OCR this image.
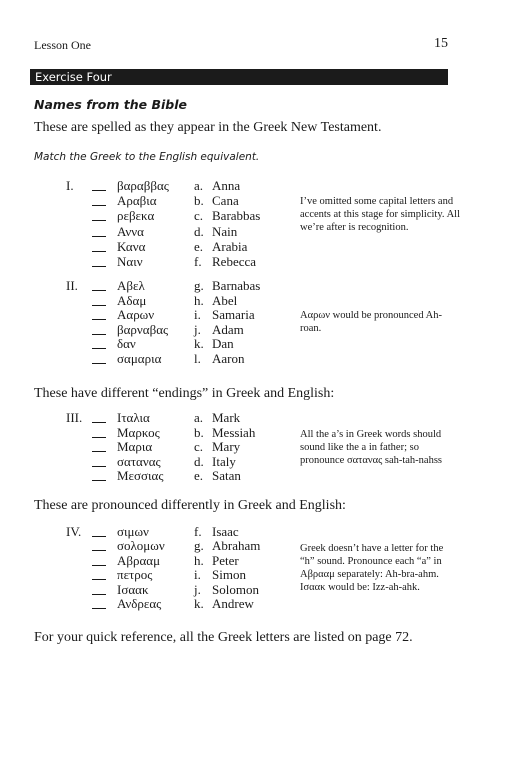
Lesson One	15
Exercise Four
Names from the Bible
These are spelled as they appear in the Greek New Testament.
Match the Greek to the English equivalent.
I.	βαραββας a. Anna
Αραβια	b. Cana
ρεβεκα	c. Barabbas
Αννα	d. Nain
Κανα	e. Arabia
Ναιν	f. Rebecca
I’ve omitted some capital letters and accents at this stage for simplicity. All we’re after is recognition.
II.	Αβελ	g. Barnabas
Αδαμ	h. Abel
Ααρων	i. Samaria
βαρναβας j. Adam
δαν	k. Dan
σαμαρια	l. Aaron
Ααρων would be pronounced Ah-roan.
III.	Ιταλια	a. Mark
Μαρκος	b. Messiah
Μαρια	c. Mary
σατανας	d. Italy
Μεσσιας e. Satan
All the a’s in Greek words should sound like the a in father; so pronounce σατανας sah-tah-nahss
IV.	σιμων	f. Isaac
σολομων g. Abraham
Αβρααμ	h. Peter
πετρος	i. Simon
Ισαακ	j. Solomon
Ανδρεας	k. Andrew
Greek doesn’t have a letter for the “h” sound. Pronounce each “a” in Αβρααμ separately: Ah-bra-ahm. Ισαακ would be: Izz-ah-ahk.
These have different “endings” in Greek and English:
These are pronounced differently in Greek and English:
For your quick reference, all the Greek letters are listed on page 72.
